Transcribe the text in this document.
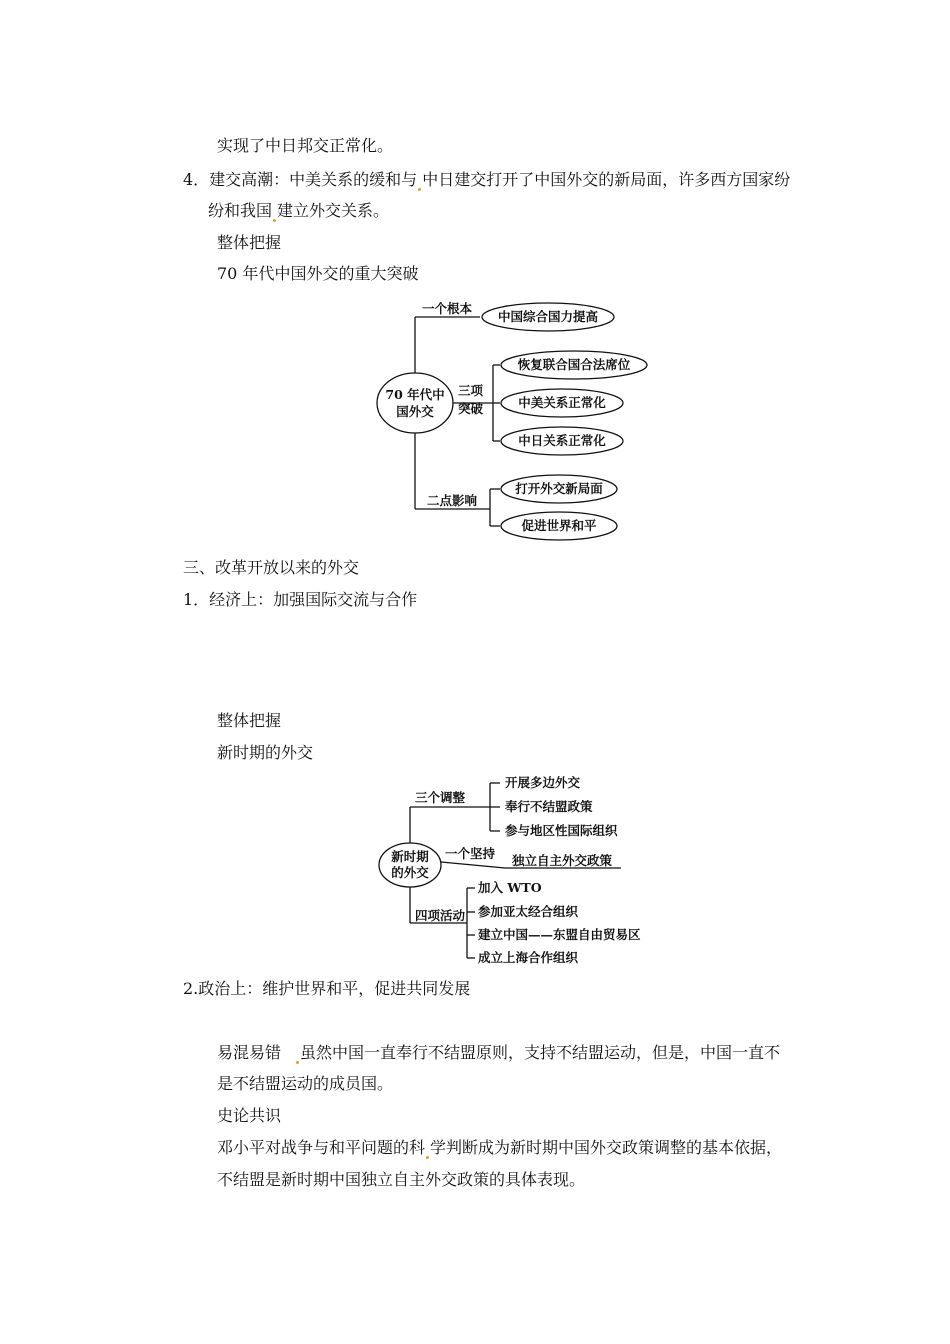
实现了中日邦交正常化。
4．建交高潮：中美关系的缓和与 中日建交打开了中国外交的新局面，许多西方国家纷
纷和我国 建立外交关系。
整体把握
70 年代中国外交的重大突破
70 年代中
国外交
一个根本
中国综合国力提高
三项
突破
恢复联合国合法席位
中美关系正常化
中日关系正常化
二点影响
打开外交新局面
促进世界和平
三、改革开放以来的外交
1．经济上：加强国际交流与合作
整体把握
新时期的外交
新时期
的外交
三个调整
开展多边外交
奉行不结盟政策
参与地区性国际组织
一个坚持 独立自主外交政策
四项活动
加入 WTO
参加亚太经合组织
建立中国——东盟自由贸易区
成立上海合作组织
2.政治上：维护世界和平，促进共同发展
易混易错 虽然中国一直奉行不结盟原则，支持不结盟运动，但是，中国一直不
是不结盟运动的成员国。
史论共识
邓小平对战争与和平问题的科 学判断成为新时期中国外交政策调整的基本依据，
不结盟是新时期中国独立自主外交政策的具体表现。
